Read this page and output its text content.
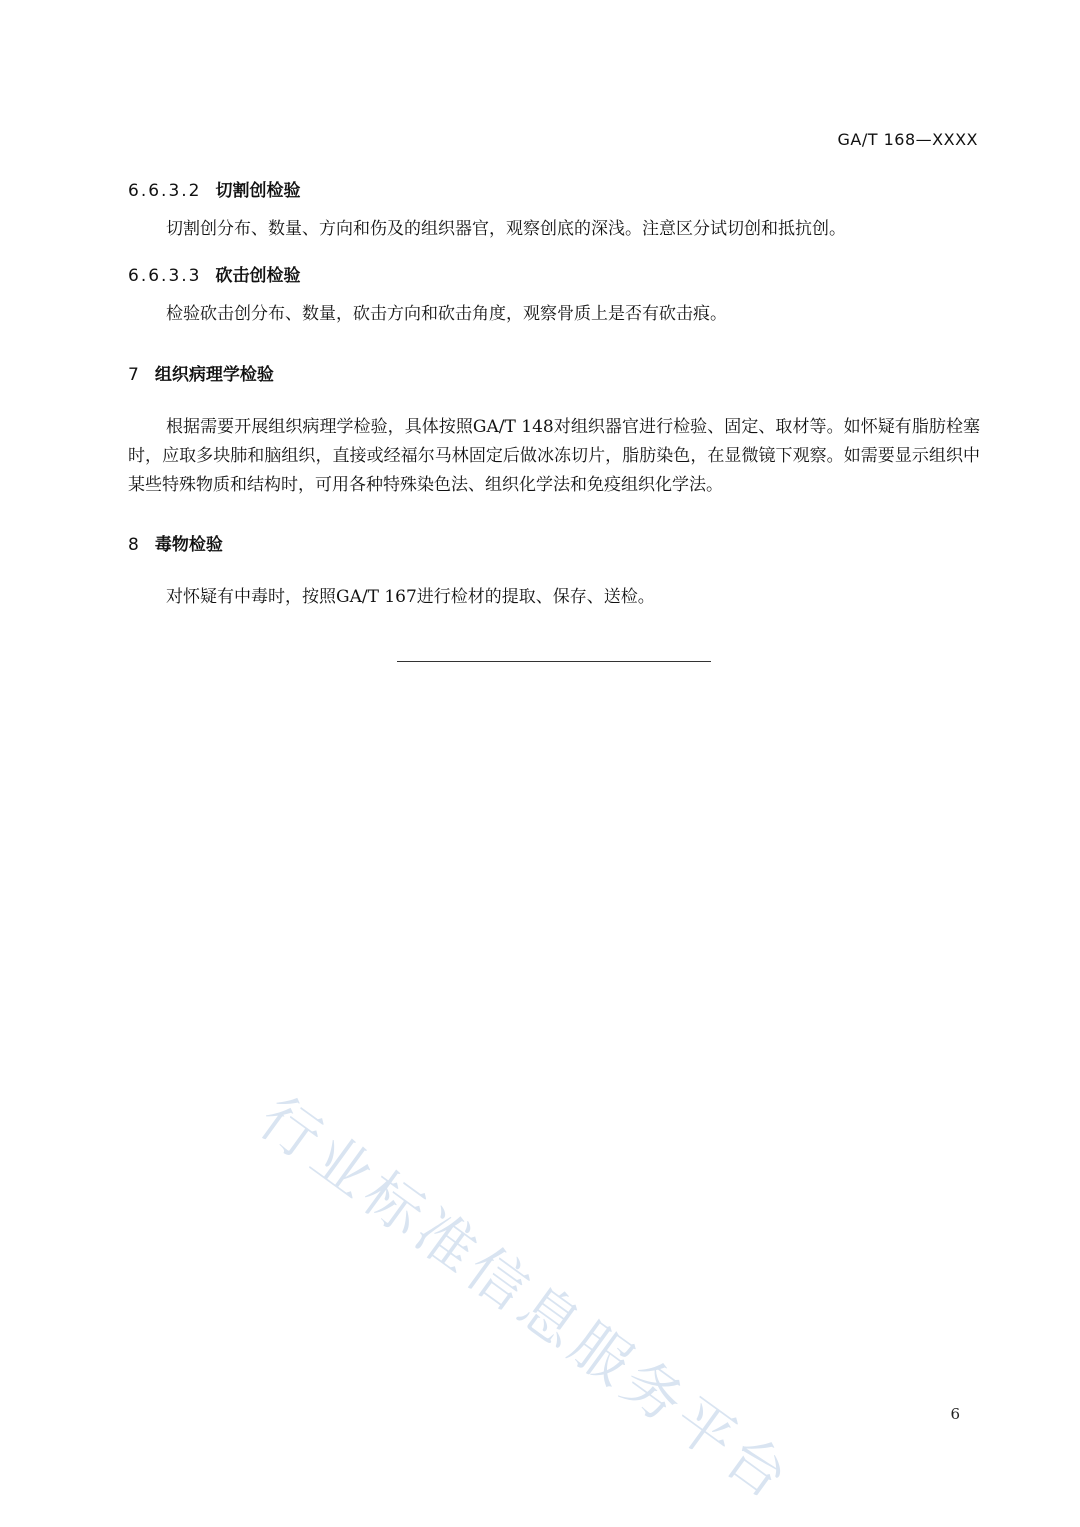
GA/T 168—XXXX
6.6.3.2 切割创检验
切割创分布、数量、方向和伤及的组织器官，观察创底的深浅。注意区分试切创和抵抗创。
6.6.3.3 砍击创检验
检验砍击创分布、数量，砍击方向和砍击角度，观察骨质上是否有砍击痕。
7 组织病理学检验
根据需要开展组织病理学检验，具体按照GA/T 148对组织器官进行检验、固定、取材等。如怀疑有脂肪栓塞时，应取多块肺和脑组织，直接或经福尔马林固定后做冰冻切片，脂肪染色，在显微镜下观察。如需要显示组织中某些特殊物质和结构时，可用各种特殊染色法、组织化学法和免疫组织化学法。
8 毒物检验
对怀疑有中毒时，按照GA/T 167进行检材的提取、保存、送检。
行业标准信息服务平台	6
